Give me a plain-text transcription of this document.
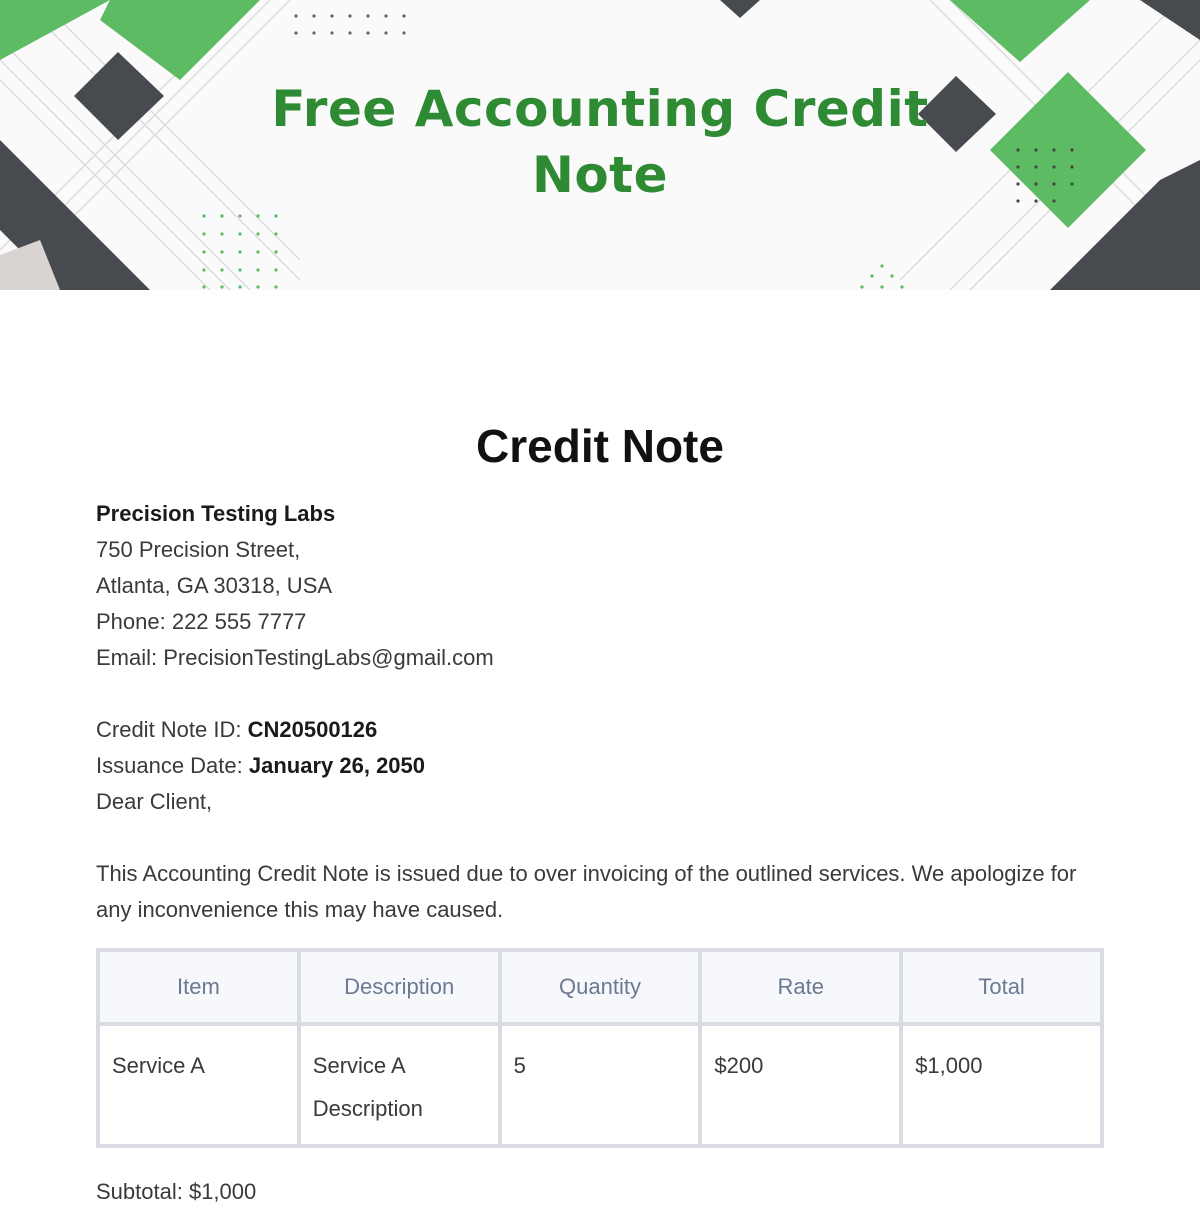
Free Accounting Credit Note
Credit Note
Precision Testing Labs
750 Precision Street,
Atlanta, GA 30318, USA
Phone: 222 555 7777
Email: PrecisionTestingLabs@gmail.com
Credit Note ID: CN20500126
Issuance Date: January 26, 2050
Dear Client,

This Accounting Credit Note is issued due to over invoicing of the outlined services. We apologize for any inconvenience this may have caused.

Item	Description	Quantity	Rate	Total
Service A	Service A Description	5	$200	$1,000
Subtotal: $1,000
